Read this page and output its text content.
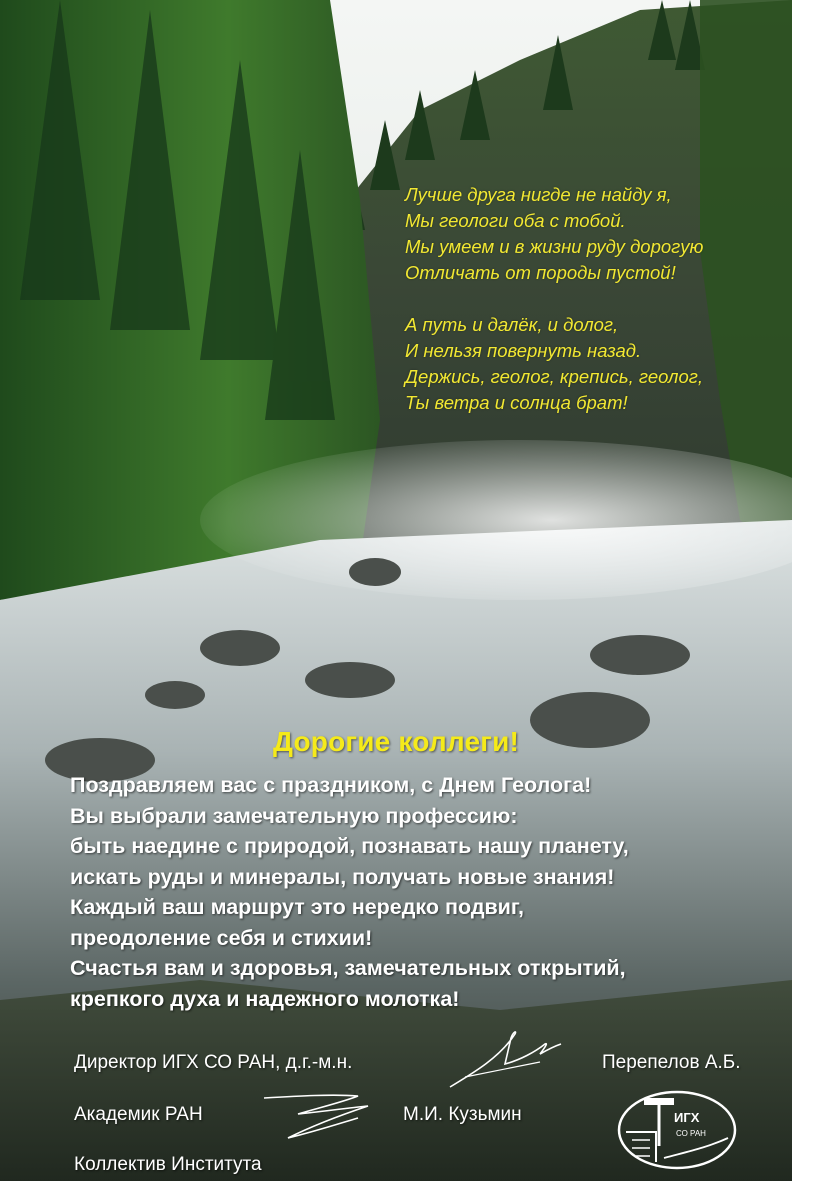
Лучше друга нигде не найду я,
Мы геологи оба с тобой.
Мы умеем и в жизни руду дорогую
Отличать от породы пустой!
А путь и далёк, и долог,
И нельзя повернуть назад.
Держись, геолог, крепись, геолог,
Ты ветра и солнца брат!
Дорогие коллеги!
Поздравляем вас с праздником, с Днем Геолога!
Вы выбрали замечательную профессию:
быть наедине с природой, познавать нашу планету,
искать руды и минералы, получать новые знания!
Каждый ваш маршрут это нередко подвиг,
преодоление себя и стихии!
Счастья вам и здоровья, замечательных открытий,
крепкого духа и надежного молотка!
Директор ИГХ СО РАН, д.г.-м.н.	Перепелов А.Б.
Академик РАН	М.И. Кузьмин
Коллектив Института
ИГХ
СО РАН
